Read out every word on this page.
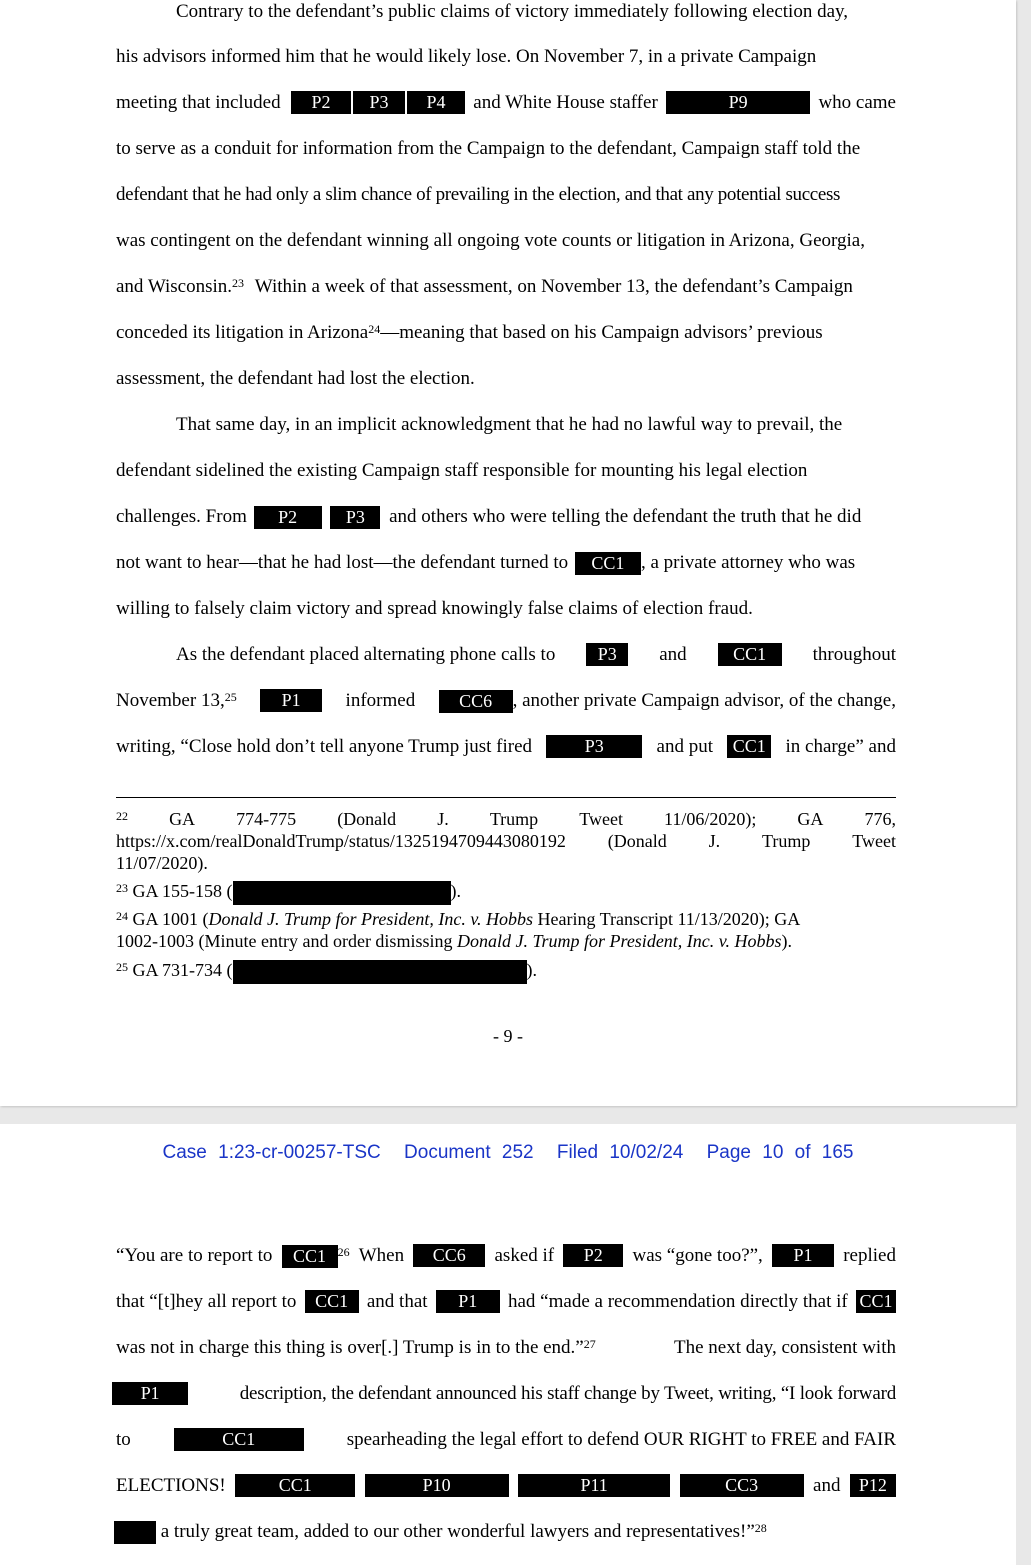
Contrary to the defendant’s public claims of victory immediately following election day,
his advisors informed him that he would likely lose. On November 7, in a private Campaign
meeting that included	P2	P3	P4	and White House staffer	P9	who came
to serve as a conduit for information from the Campaign to the defendant, Campaign staff told the
defendant that he had only a slim chance of prevailing in the election, and that any potential success
was contingent on the defendant winning all ongoing vote counts or litigation in Arizona, Georgia,
and Wisconsin.$^{23}$ Within a week of that assessment, on November 13, the defendant’s Campaign
conceded its litigation in Arizona$^{24}$—meaning that based on his Campaign advisors’ previous
assessment, the defendant had lost the election.
That same day, in an implicit acknowledgment that he had no lawful way to prevail, the
defendant sidelined the existing Campaign staff responsible for mounting his legal election
challenges. From P2	P3 and others who were telling the defendant the truth that he did
not want to hear—that he had lost—the defendant turned to CC1 , a private attorney who was
willing to falsely claim victory and spread knowingly false claims of election fraud.
As the defendant placed alternating phone calls to	P3	and	CC1	throughout
November 13,25	P1	informed	CC6 , another private Campaign advisor, of the change,
writing, “Close hold don’t tell anyone Trump just fired	P3	and put	CC1 in charge” and
$^{22}$ GA 774-775 (Donald J. Trump Tweet 11/06/2020); GA 776,
https://x.com/realDonaldTrump/status/1325194709443080192 (Donald J. Trump Tweet
11/07/2020).
$^{23}$ GA 155-158 (	).
$^{24}$ GA 1001 (Donald J. Trump for President, Inc. v. Hobbs Hearing Transcript 11/13/2020); GA
1002-1003 (Minute entry and order dismissing Donald J. Trump for President, Inc. v. Hobbs).
$^{25}$ GA 731-734 (	).
- 9 -
Case 1:23-cr-00257-TSC Document 252 Filed 10/02/24 Page 10 of 165
“You are to report to	CC1 $^{26}$ When	CC6	asked if	P2	was “gone too?”,	P1	replied
that “[t]hey all report to	CC1 and that	P1	had “made a recommendation directly that if CC1
was not in charge this thing is over[.] Trump is in to the end.”$^{27}$	The next day, consistent with
P1	description, the defendant announced his staff change by Tweet, writing, “I look forward
to	CC1	spearheading the legal effort to defend OUR RIGHT to FREE and FAIR
ELECTIONS!	CC1	P10	P11	CC3	and	P12
a truly great team, added to our other wonderful lawyers and representatives!”$^{28}$
